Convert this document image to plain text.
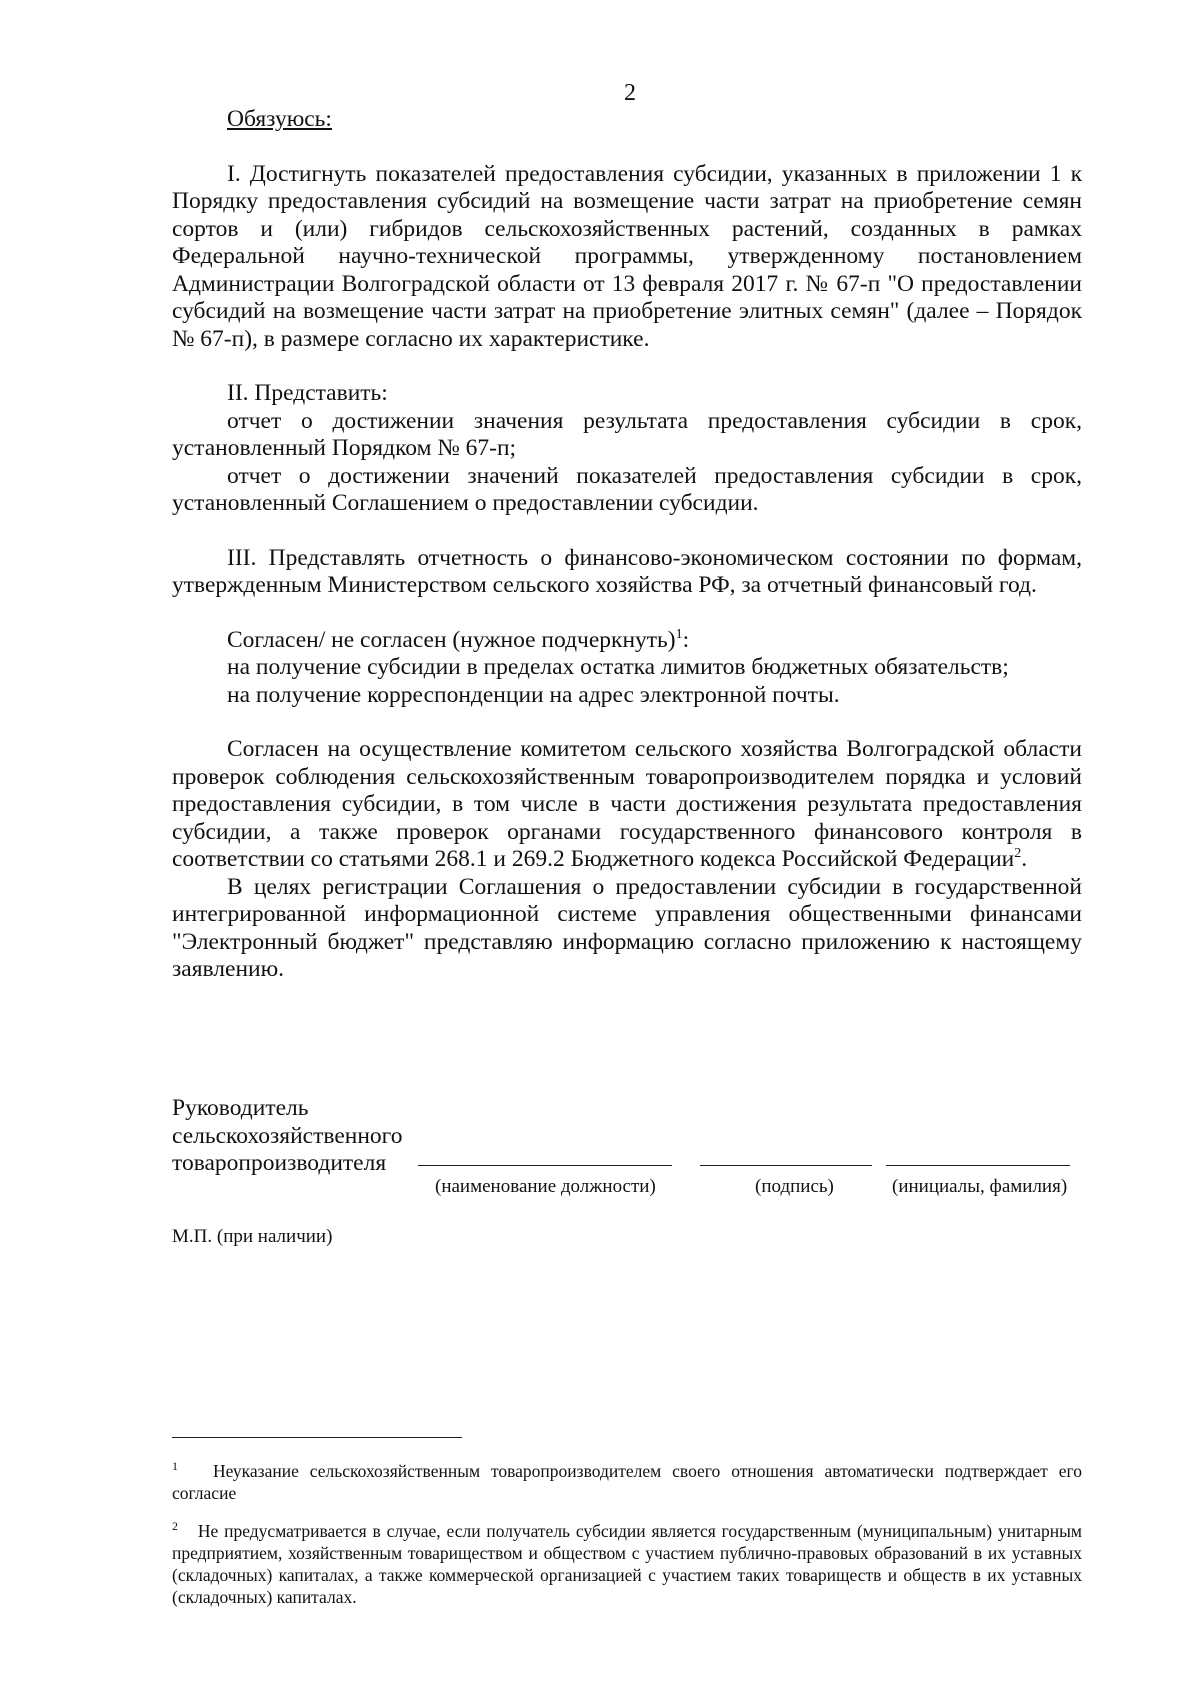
2

Обязуюсь:

I. Достигнуть показателей предоставления субсидии, указанных в приложении 1 к Порядку предоставления субсидий на возмещение части затрат на приобретение семян сортов и (или) гибридов сельскохозяйственных растений, созданных в рамках Федеральной научно-технической программы, утвержденному постановлением Администрации Волгоградской области от 13 февраля 2017 г. № 67-п "О предоставлении субсидий на возмещение части затрат на приобретение элитных семян" (далее – Порядок № 67-п), в размере согласно их характеристике.

II. Представить:

отчет о достижении значения результата предоставления субсидии в срок, установленный Порядком № 67-п;

отчет о достижении значений показателей предоставления субсидии в срок, установленный Соглашением о предоставлении субсидии.

III. Представлять отчетность о финансово-экономическом состоянии по формам, утвержденным Министерством сельского хозяйства РФ, за отчетный финансовый год.

Согласен/ не согласен (нужное подчеркнуть)$^1$:

на получение субсидии в пределах остатка лимитов бюджетных обязательств;

на получение корреспонденции на адрес электронной почты.

Согласен на осуществление комитетом сельского хозяйства Волгоградской области проверок соблюдения сельскохозяйственным товаропроизводителем порядка и условий предоставления субсидии, в том числе в части достижения результата предоставления субсидии, а также проверок органами государственного финансового контроля в соответствии со статьями 268.1 и 269.2 Бюджетного кодекса Российской Федерации$^2$.

В целях регистрации Соглашения о предоставлении субсидии в государственной интегрированной информационной системе управления общественными финансами "Электронный бюджет" представляю информацию согласно приложению к настоящему заявлению.

Руководитель
сельскохозяйственного
товаропроизводителя
(наименование должности)	(подпись)	(инициалы, фамилия)
М.П. (при наличии)
$^1$ Неуказание сельскохозяйственным товаропроизводителем своего отношения автоматически подтверждает его согласие
$^2$ Не предусматривается в случае, если получатель субсидии является государственным (муниципальным) унитарным предприятием, хозяйственным товариществом и обществом с участием публично-правовых образований в их уставных (складочных) капиталах, а также коммерческой организацией с участием таких товариществ и обществ в их уставных (складочных) капиталах.
